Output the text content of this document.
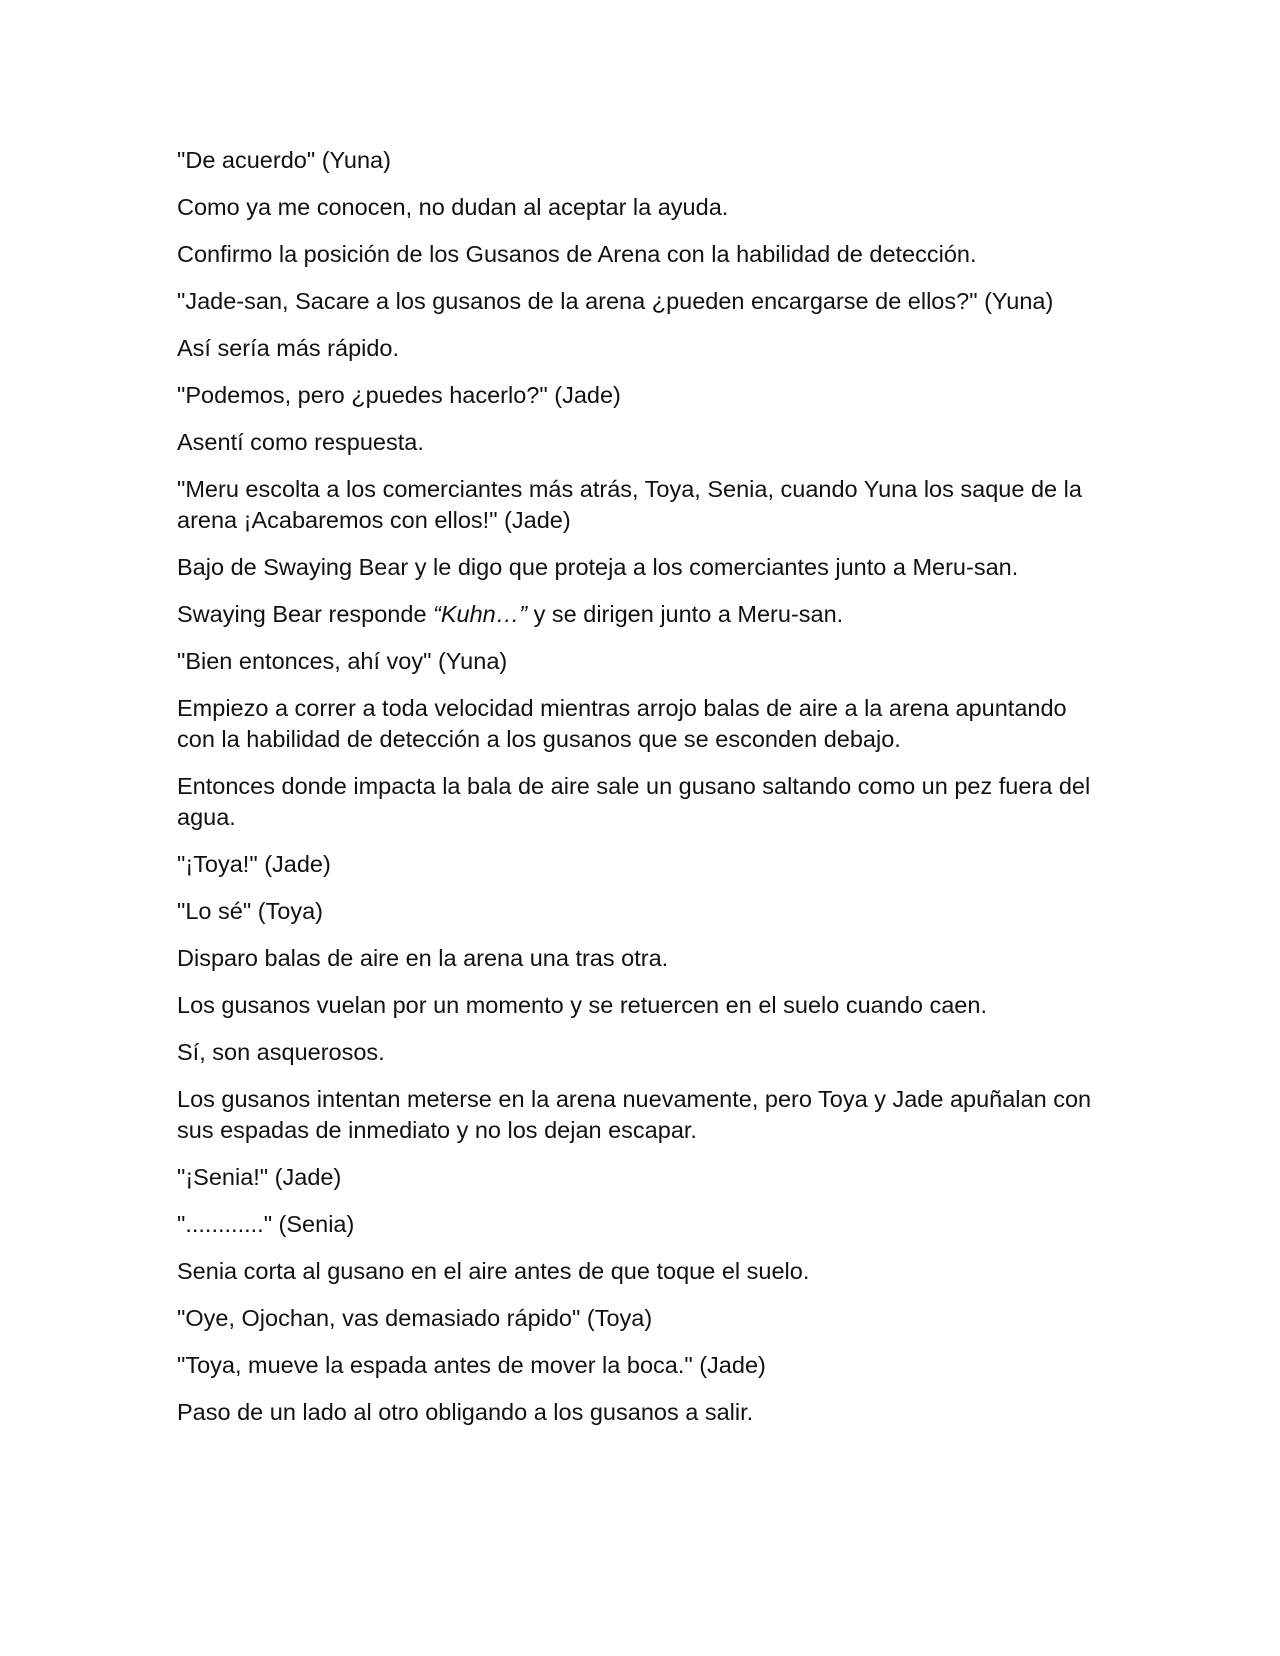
"De acuerdo" (Yuna)

Como ya me conocen, no dudan al aceptar la ayuda.

Confirmo la posición de los Gusanos de Arena con la habilidad de detección.

"Jade-san, Sacare a los gusanos de la arena ¿pueden encargarse de ellos?" (Yuna)

Así sería más rápido.

"Podemos, pero ¿puedes hacerlo?" (Jade)

Asentí como respuesta.

"Meru escolta a los comerciantes más atrás, Toya, Senia, cuando Yuna los saque de la arena ¡Acabaremos con ellos!" (Jade)

Bajo de Swaying Bear y le digo que proteja a los comerciantes junto a Meru-san.

Swaying Bear responde “Kuhn…” y se dirigen junto a Meru-san.

"Bien entonces, ahí voy" (Yuna)

Empiezo a correr a toda velocidad mientras arrojo balas de aire a la arena apuntando con la habilidad de detección a los gusanos que se esconden debajo.

Entonces donde impacta la bala de aire sale un gusano saltando como un pez fuera del agua.

"¡Toya!" (Jade)

"Lo sé" (Toya)

Disparo balas de aire en la arena una tras otra.

Los gusanos vuelan por un momento y se retuercen en el suelo cuando caen.

Sí, son asquerosos.

Los gusanos intentan meterse en la arena nuevamente, pero Toya y Jade apuñalan con sus espadas de inmediato y no los dejan escapar.

"¡Senia!" (Jade)

"............" (Senia)

Senia corta al gusano en el aire antes de que toque el suelo.

"Oye, Ojochan, vas demasiado rápido" (Toya)

"Toya, mueve la espada antes de mover la boca." (Jade)

Paso de un lado al otro obligando a los gusanos a salir.
